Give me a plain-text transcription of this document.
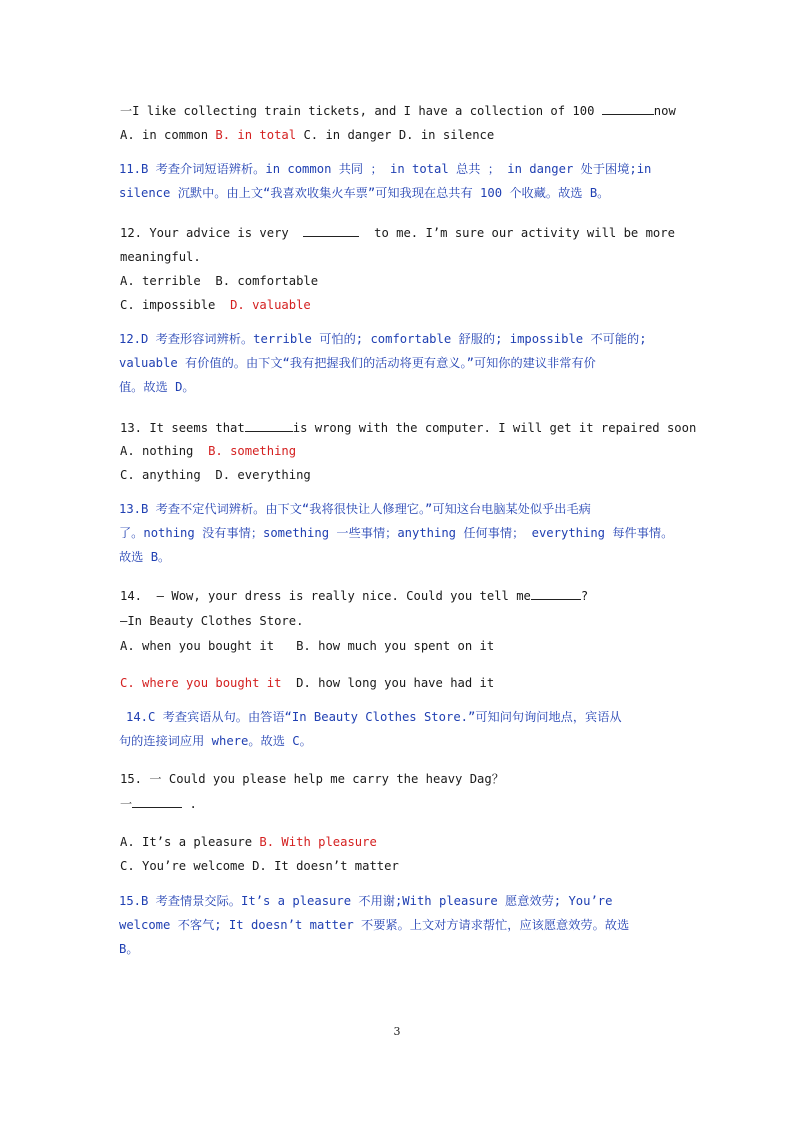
一I like collecting train tickets, and I have a collection of 100	now
A. in common B. in total C. in danger D. in silence
11.B 考查介词短语辨析。in common 共同 ； in total 总共 ； in danger 处于困境;in
silence 沉默中。由上文“我喜欢收集火车票”可知我现在总共有 100 个收藏。故选 B。
12. Your advice is very	to me. I’m sure our activity will be more
meaningful.
A. terrible  B. comfortable
C. impossible  D. valuable
12.D 考查形容词辨析。terrible 可怕的; comfortable 舒服的; impossible 不可能的;
valuable 有价值的。由下文“我有把握我们的活动将更有意义。”可知你的建议非常有价
值。故选 D。
13. It seems that	is wrong with the computer. I will get it repaired soon
A. nothing  B. something
C. anything  D. everything
13.B 考查不定代词辨析。由下文“我将很快让人修理它。”可知这台电脑某处似乎出毛病
了。nothing 没有事情；something 一些事情；anything 任何事情； everything 每件事情。
故选 B。
14.  – Wow, your dress is really nice. Could you tell me	?
–In Beauty Clothes Store.
A. when you bought it   B. how much you spent on it
C. where you bought it  D. how long you have had it
14.C 考查宾语从句。由答语“In Beauty Clothes Store.”可知问句询问地点，宾语从
句的连接词应用 where。故选 C。
15. 一 Could you please help me carry the heavy Dag？
一	.
A. It’s a pleasure B. With pleasure
C. You’re welcome D. It doesn’t matter
15.B 考查情景交际。It’s a pleasure 不用谢;With pleasure 愿意效劳; You’re
welcome 不客气; It doesn’t matter 不要紧。上文对方请求帮忙，应该愿意效劳。故选
B。
3
